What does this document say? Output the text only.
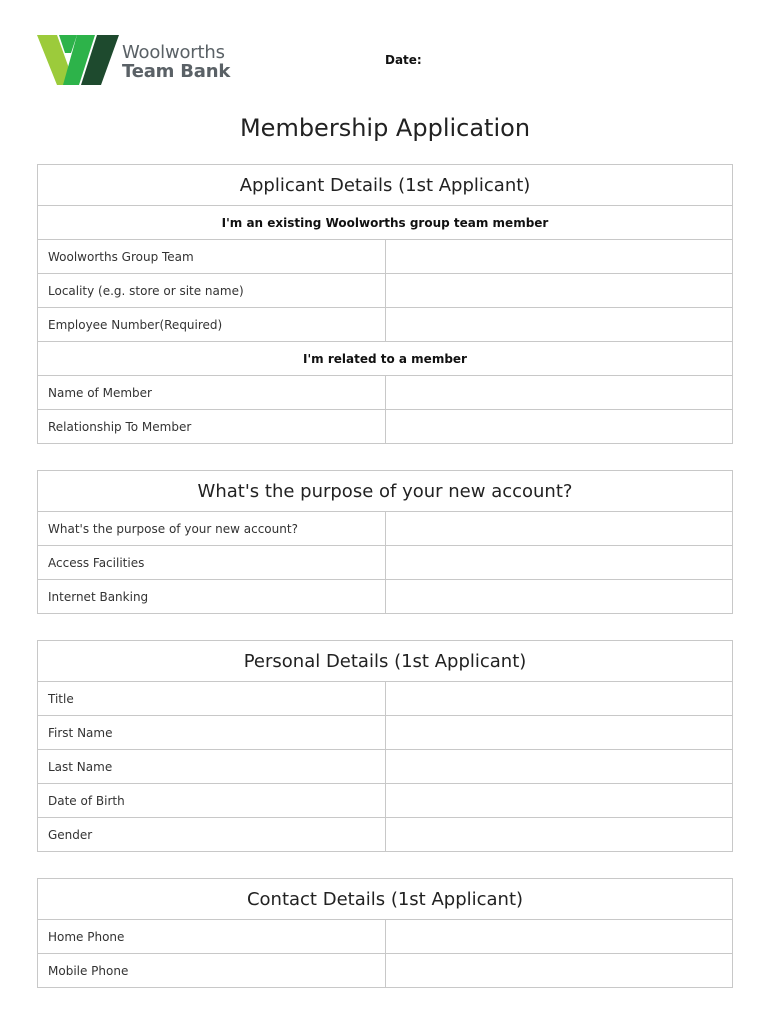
Woolworths
Team Bank
Date:
Membership Application
Applicant Details (1st Applicant)	
I'm an existing Woolworths group team member	
Woolworths Group Team	
Locality (e.g. store or site name)	
Employee Number(Required)	
I'm related to a member	
Name of Member	
Relationship To Member	
What's the purpose of your new account?	
What's the purpose of your new account?	
Access Facilities	
Internet Banking	
Personal Details (1st Applicant)	
Title	
First Name	
Last Name	
Date of Birth	
Gender	
Contact Details (1st Applicant)	
Home Phone	
Mobile Phone	
